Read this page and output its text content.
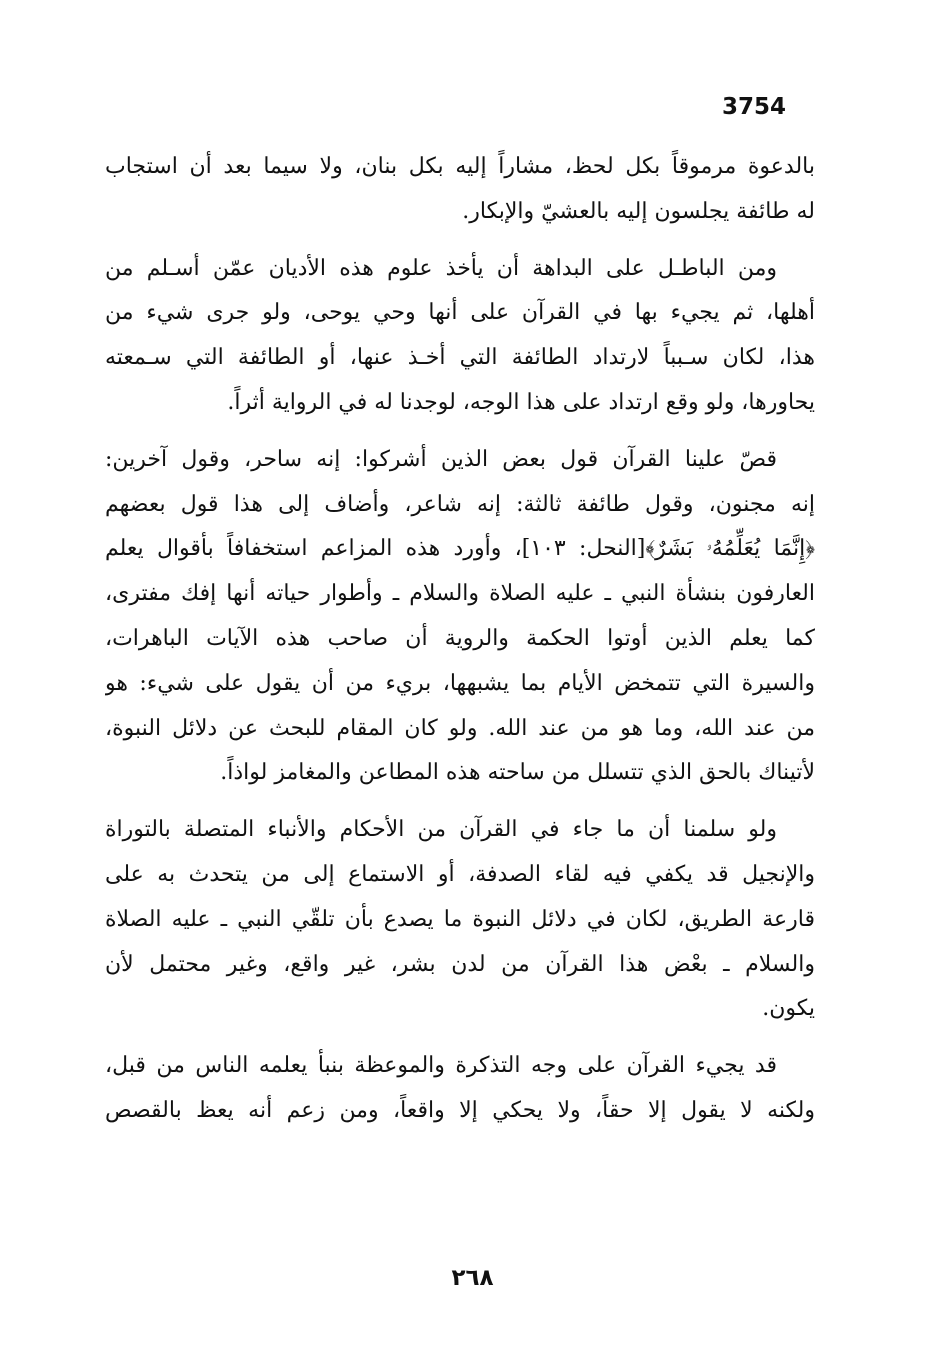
3754
بالدعوة مرموقاً بكل لحظ، مشاراً إليه بكل بنان، ولا سيما بعد أن استجاب
له طائفة يجلسون إليه بالعشيّ والإبكار.
ومن الباطـل على البداهة أن يأخذ علوم هذه الأديان عمّن أسـلم من
أهلها، ثم يجيء بها في القرآن على أنها وحي يوحى، ولو جرى شيء من
هذا، لكان سـبباً لارتداد الطائفة التي أخـذ عنها، أو الطائفة التي سـمعته
يحاورها، ولو وقع ارتداد على هذا الوجه، لوجدنا له في الرواية أثراً.
قصّ علينا القرآن قول بعض الذين أشركوا: إنه ساحر، وقول آخرين:
إنه مجنون، وقول طائفة ثالثة: إنه شاعر، وأضاف إلى هذا قول بعضهم
﴿إِنَّمَا يُعَلِّمُهُۥ بَشَرٌ﴾[النحل: ١٠٣]، وأورد هذه المزاعم استخفافاً بأقوال يعلم
العارفون بنشأة النبي ـ عليه الصلاة والسلام ـ وأطوار حياته أنها إفك مفترى،
كما يعلم الذين أوتوا الحكمة والروية أن صاحب هذه الآيات الباهرات،
والسيرة التي تتمخض الأيام بما يشبهها، بريء من أن يقول على شيء: هو
من عند الله، وما هو من عند الله. ولو كان المقام للبحث عن دلائل النبوة،
لأتيناك بالحق الذي تتسلل من ساحته هذه المطاعن والمغامز لواذاً.
ولو سلمنا أن ما جاء في القرآن من الأحكام والأنباء المتصلة بالتوراة
والإنجيل قد يكفي فيه لقاء الصدفة، أو الاستماع إلى من يتحدث به على
قارعة الطريق، لكان في دلائل النبوة ما يصدع بأن تلقّي النبي ـ عليه الصلاة
والسلام ـ بعْض هذا القرآن من لدن بشر، غير واقع، وغير محتمل لأن
يكون.
قد يجيء القرآن على وجه التذكرة والموعظة بنبأ يعلمه الناس من قبل،
ولكنه لا يقول إلا حقاً، ولا يحكي إلا واقعاً، ومن زعم أنه يعظ بالقصص
٢٦٨
